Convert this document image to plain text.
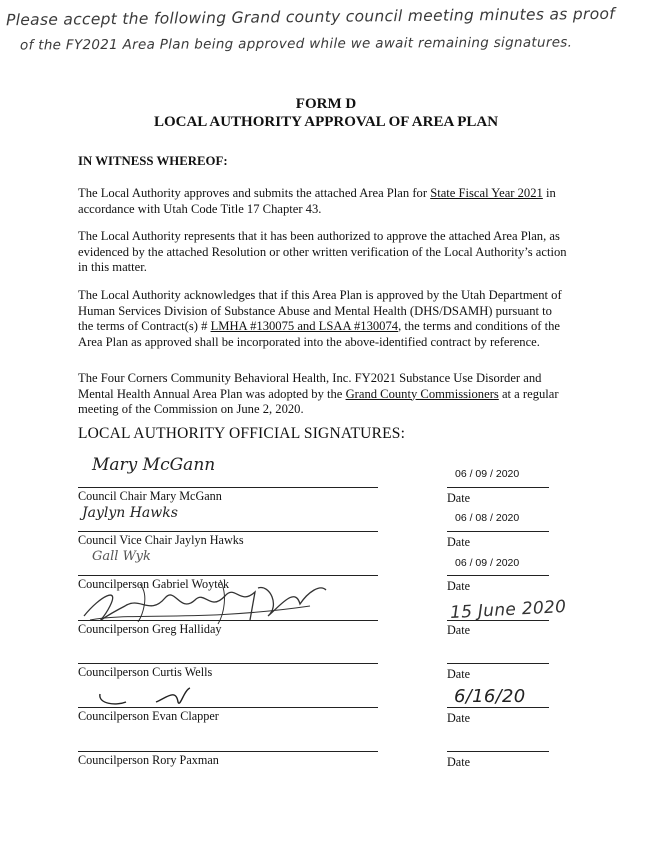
Please accept the following Grand county council meeting minutes as proof
of the FY2021 Area Plan being approved while we await remaining signatures.
FORM D
LOCAL AUTHORITY APPROVAL OF AREA PLAN
IN WITNESS WHEREOF:
The Local Authority approves and submits the attached Area Plan for State Fiscal Year 2021 in accordance with Utah Code Title 17 Chapter 43.
The Local Authority represents that it has been authorized to approve the attached Area Plan, as evidenced by the attached Resolution or other written verification of the Local Authority’s action in this matter.
The Local Authority acknowledges that if this Area Plan is approved by the Utah Department of Human Services Division of Substance Abuse and Mental Health (DHS/DSAMH) pursuant to the terms of Contract(s) # LMHA #130075 and LSAA #130074, the terms and conditions of the Area Plan as approved shall be incorporated into the above-identified contract by reference.
The Four Corners Community Behavioral Health, Inc. FY2021 Substance Use Disorder and Mental Health Annual Area Plan was adopted by the Grand County Commissioners at a regular meeting of the Commission on June 2, 2020.
LOCAL AUTHORITY OFFICIAL SIGNATURES:
Mary McGann	06 / 09 / 2020
Council Chair Mary McGann	Date
Jaylyn Hawks	06 / 08 / 2020
Council Vice Chair Jaylyn Hawks	Date
Gall Wyk	06 / 09 / 2020
Councilperson Gabriel Woytek	Date
15 June 2020
Councilperson Greg Halliday	Date
Councilperson Curtis Wells	Date
6/16/20
Councilperson Evan Clapper	Date
Councilperson Rory Paxman	Date
